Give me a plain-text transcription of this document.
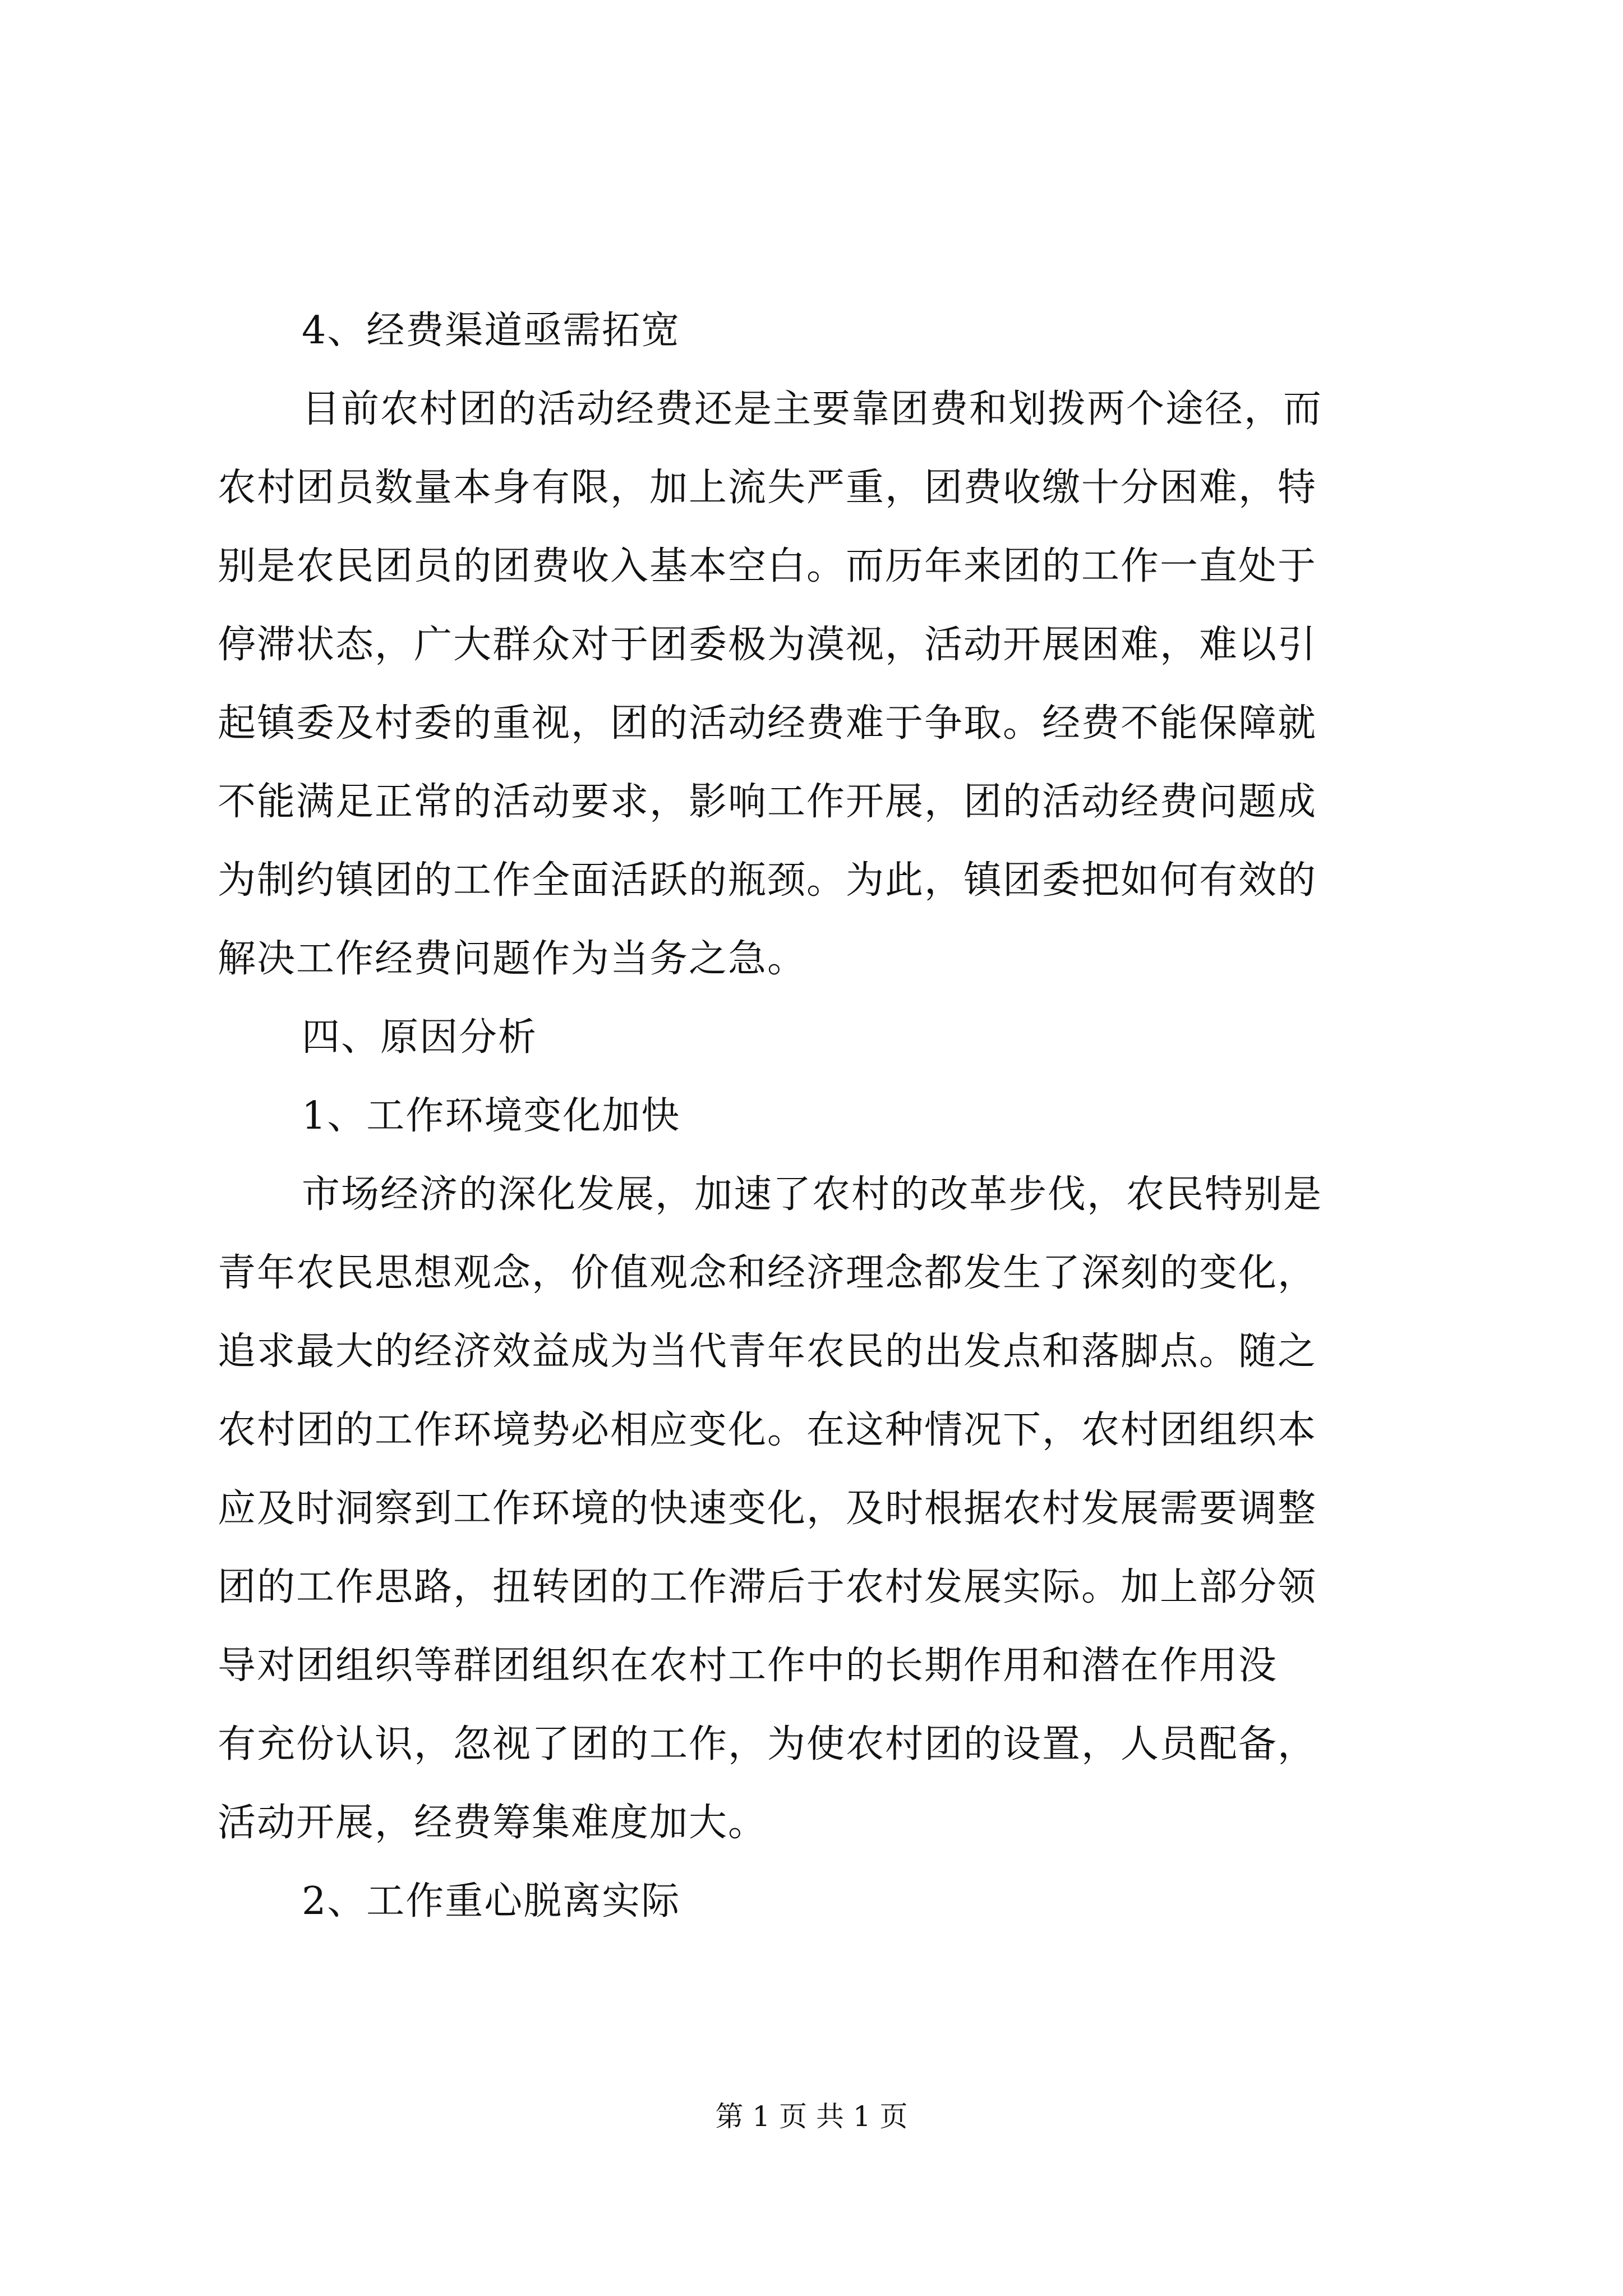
4、经费渠道亟需拓宽
目前农村团的活动经费还是主要靠团费和划拨两个途径，而
农村团员数量本身有限，加上流失严重，团费收缴十分困难，特
别是农民团员的团费收入基本空白。而历年来团的工作一直处于
停滞状态，广大群众对于团委极为漠视，活动开展困难，难以引
起镇委及村委的重视，团的活动经费难于争取。经费不能保障就
不能满足正常的活动要求，影响工作开展，团的活动经费问题成
为制约镇团的工作全面活跃的瓶颈。为此，镇团委把如何有效的
解决工作经费问题作为当务之急。
四、原因分析
1、工作环境变化加快
市场经济的深化发展，加速了农村的改革步伐，农民特别是
青年农民思想观念，价值观念和经济理念都发生了深刻的变化，
追求最大的经济效益成为当代青年农民的出发点和落脚点。随之
农村团的工作环境势必相应变化。在这种情况下，农村团组织本
应及时洞察到工作环境的快速变化，及时根据农村发展需要调整
团的工作思路，扭转团的工作滞后于农村发展实际。加上部分领
导对团组织等群团组织在农村工作中的长期作用和潜在作用没
有充份认识，忽视了团的工作，为使农村团的设置，人员配备，
活动开展，经费筹集难度加大。
2、工作重心脱离实际
第 1 页 共 1 页
